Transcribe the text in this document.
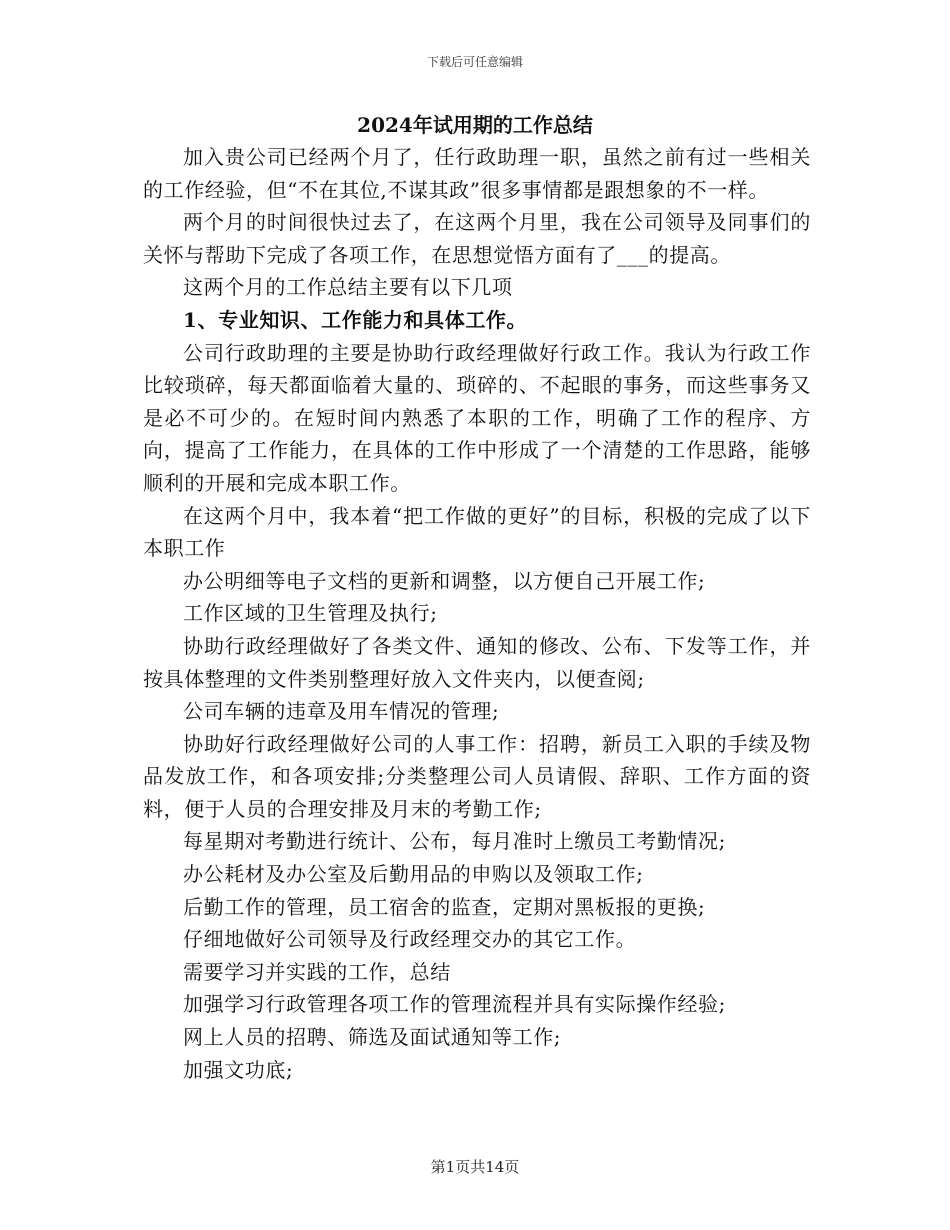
下载后可任意编辑
2024年试用期的工作总结

加入贵公司已经两个月了，任行政助理一职，虽然之前有过一些相关的工作经验，但“不在其位,不谋其政”很多事情都是跟想象的不一样。

两个月的时间很快过去了，在这两个月里，我在公司领导及同事们的关怀与帮助下完成了各项工作，在思想觉悟方面有了___的提高。

这两个月的工作总结主要有以下几项

1、专业知识、工作能力和具体工作。

公司行政助理的主要是协助行政经理做好行政工作。我认为行政工作比较琐碎，每天都面临着大量的、琐碎的、不起眼的事务，而这些事务又是必不可少的。在短时间内熟悉了本职的工作，明确了工作的程序、方向，提高了工作能力，在具体的工作中形成了一个清楚的工作思路，能够顺利的开展和完成本职工作。

在这两个月中，我本着“把工作做的更好”的目标，积极的完成了以下本职工作

办公明细等电子文档的更新和调整，以方便自己开展工作;

工作区域的卫生管理及执行;

协助行政经理做好了各类文件、通知的修改、公布、下发等工作，并按具体整理的文件类别整理好放入文件夹内，以便查阅;

公司车辆的违章及用车情况的管理;

协助好行政经理做好公司的人事工作：招聘，新员工入职的手续及物品发放工作，和各项安排;分类整理公司人员请假、辞职、工作方面的资料，便于人员的合理安排及月末的考勤工作;

每星期对考勤进行统计、公布，每月准时上缴员工考勤情况;

办公耗材及办公室及后勤用品的申购以及领取工作;

后勤工作的管理，员工宿舍的监查，定期对黑板报的更换;

仔细地做好公司领导及行政经理交办的其它工作。

需要学习并实践的工作，总结

加强学习行政管理各项工作的管理流程并具有实际操作经验;

网上人员的招聘、筛选及面试通知等工作;

加强文功底;

第1页共14页
